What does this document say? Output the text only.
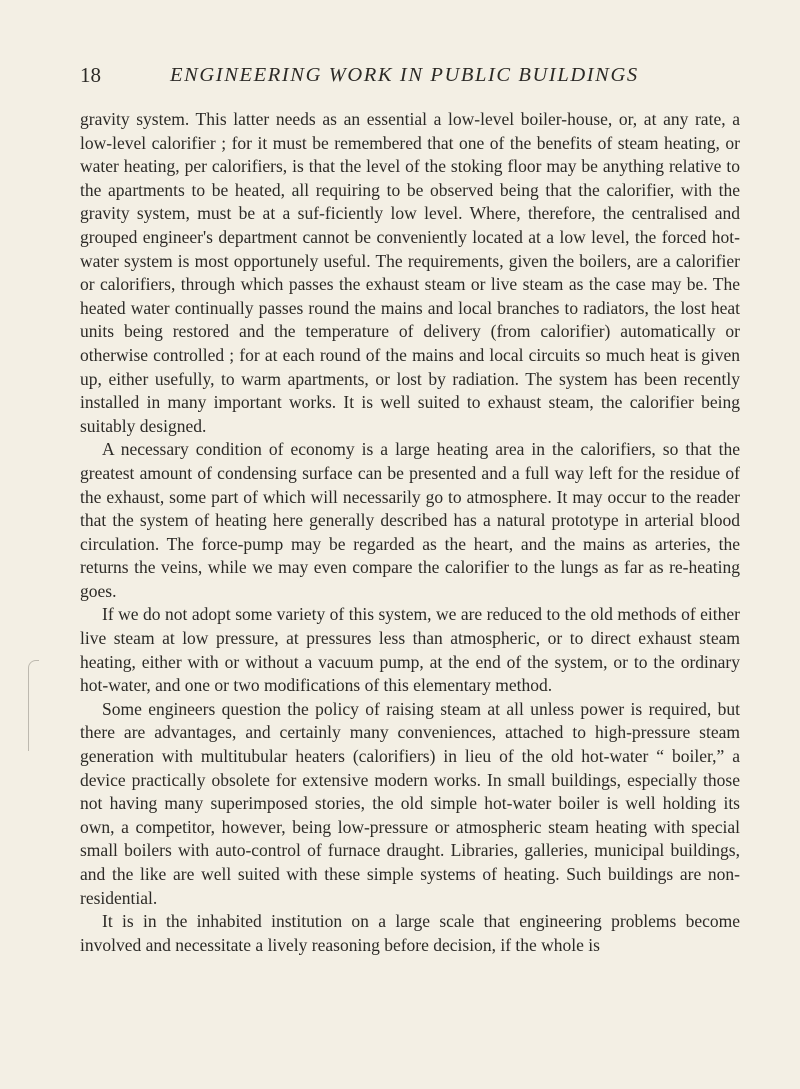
18	ENGINEERING WORK IN PUBLIC BUILDINGS

gravity system. This latter needs as an essential a low-level boiler-house, or, at any rate, a low-level calorifier ; for it must be remembered that one of the benefits of steam heating, or water heating, per calorifiers, is that the level of the stoking floor may be anything relative to the apartments to be heated, all requiring to be observed being that the calorifier, with the gravity system, must be at a suf-ficiently low level. Where, therefore, the centralised and grouped engineer's department cannot be conveniently located at a low level, the forced hot-water system is most opportunely useful. The requirements, given the boilers, are a calorifier or calorifiers, through which passes the exhaust steam or live steam as the case may be. The heated water continually passes round the mains and local branches to radiators, the lost heat units being restored and the temperature of delivery (from calorifier) automatically or otherwise controlled ; for at each round of the mains and local circuits so much heat is given up, either usefully, to warm apartments, or lost by radiation. The system has been recently installed in many important works. It is well suited to exhaust steam, the calorifier being suitably designed.

A necessary condition of economy is a large heating area in the calorifiers, so that the greatest amount of condensing surface can be presented and a full way left for the residue of the exhaust, some part of which will necessarily go to atmosphere. It may occur to the reader that the system of heating here generally described has a natural prototype in arterial blood circulation. The force-pump may be regarded as the heart, and the mains as arteries, the returns the veins, while we may even compare the calorifier to the lungs as far as re-heating goes.

If we do not adopt some variety of this system, we are reduced to the old methods of either live steam at low pressure, at pressures less than atmospheric, or to direct exhaust steam heating, either with or without a vacuum pump, at the end of the system, or to the ordinary hot-water, and one or two modifications of this elementary method.

Some engineers question the policy of raising steam at all unless power is required, but there are advantages, and certainly many conveniences, attached to high-pressure steam generation with multitubular heaters (calorifiers) in lieu of the old hot-water “ boiler,” a device practically obsolete for extensive modern works. In small buildings, especially those not having many superimposed stories, the old simple hot-water boiler is well holding its own, a competitor, however, being low-pressure or atmospheric steam heating with special small boilers with auto-control of furnace draught. Libraries, galleries, municipal buildings, and the like are well suited with these simple systems of heating. Such buildings are non-residential.

It is in the inhabited institution on a large scale that engineering problems become involved and necessitate a lively reasoning before decision, if the whole is
